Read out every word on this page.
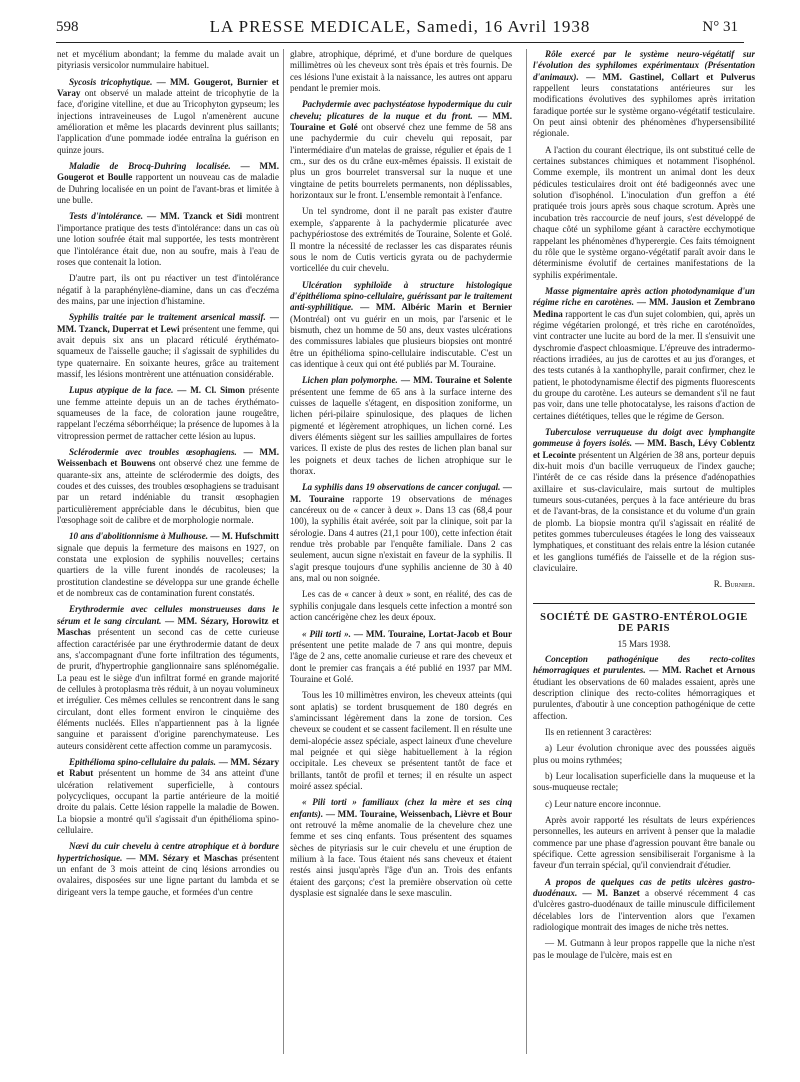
598	LA PRESSE MEDICALE, Samedi, 16 Avril 1938	N° 31

net et mycélium abondant; la femme du malade avait un pityriasis versicolor nummulaire habituel.

Sycosis tricophytique. — MM. Gougerot, Burnier et Varay ont observé un malade atteint de tricophytie de la face, d'origine vitelline, et due au Tricophyton gypseum; les injections intraveineuses de Lugol n'amenèrent aucune amélioration et même les placards devinrent plus saillants; l'application d'une pommade iodée entraîna la guérison en quinze jours.

Maladie de Brocq-Duhring localisée. — MM. Gougerot et Boulle rapportent un nouveau cas de maladie de Duhring localisée en un point de l'avant-bras et limitée à une bulle.

Tests d'intolérance. — MM. Tzanck et Sidi montrent l'importance pratique des tests d'intolérance: dans un cas où une lotion soufrée était mal supportée, les tests montrèrent que l'intolérance était due, non au soufre, mais à l'eau de roses que contenait la lotion.

D'autre part, ils ont pu réactiver un test d'intolérance négatif à la paraphénylène-diamine, dans un cas d'eczéma des mains, par une injection d'histamine.

Syphilis traitée par le traitement arsenical massif. — MM. Tzanck, Duperrat et Lewi présentent une femme, qui avait depuis six ans un placard réticulé érythémato-squameux de l'aisselle gauche; il s'agissait de syphilides du type quaternaire. En soixante heures, grâce au traitement massif, les lésions montrèrent une atténuation considérable.

Lupus atypique de la face. — M. Cl. Simon présente une femme atteinte depuis un an de taches érythémato-squameuses de la face, de coloration jaune rougeâtre, rappelant l'eczéma séborrhéique; la présence de lupomes à la vitropression permet de rattacher cette lésion au lupus.

Sclérodermie avec troubles œsophagiens. — MM. Weissenbach et Bouwens ont observé chez une femme de quarante-six ans, atteinte de sclérodermie des doigts, des coudes et des cuisses, des troubles œsophagiens se traduisant par un retard indéniable du transit œsophagien particulièrement appréciable dans le décubitus, bien que l'œsophage soit de calibre et de morphologie normale.

10 ans d'abolitionnisme à Mulhouse. — M. Hufschmitt signale que depuis la fermeture des maisons en 1927, on constata une explosion de syphilis nouvelles; certains quartiers de la ville furent inondés de racoleuses; la prostitution clandestine se développa sur une grande échelle et de nombreux cas de contamination furent constatés.

Erythrodermie avec cellules monstrueuses dans le sérum et le sang circulant. — MM. Sézary, Horowitz et Maschas présentent un second cas de cette curieuse affection caractérisée par une érythrodermie datant de deux ans, s'accompagnant d'une forte infiltration des téguments, de prurit, d'hypertrophie ganglionnaire sans splénomégalie. La peau est le siège d'un infiltrat formé en grande majorité de cellules à protoplasma très réduit, à un noyau volumineux et irrégulier. Ces mêmes cellules se rencontrent dans le sang circulant, dont elles forment environ le cinquième des éléments nucléés. Elles n'appartiennent pas à la lignée sanguine et paraissent d'origine parenchymateuse. Les auteurs considèrent cette affection comme un paramycosis.

Epithélioma spino-cellulaire du palais. — MM. Sézary et Rabut présentent un homme de 34 ans atteint d'une ulcération relativement superficielle, à contours polycycliques, occupant la partie antérieure de la moitié droite du palais. Cette lésion rappelle la maladie de Bowen. La biopsie a montré qu'il s'agissait d'un épithélioma spino-cellulaire.

Nævi du cuir chevelu à centre atrophique et à bordure hypertrichosique. — MM. Sézary et Maschas présentent un enfant de 3 mois atteint de cinq lésions arrondies ou ovalaires, disposées sur une ligne partant du lambda et se dirigeant vers la tempe gauche, et formées d'un centre

glabre, atrophique, déprimé, et d'une bordure de quelques millimètres où les cheveux sont très épais et très fournis. De ces lésions l'une existait à la naissance, les autres ont apparu pendant le premier mois.

Pachydermie avec pachystéatose hypodermique du cuir chevelu; plicatures de la nuque et du front. — MM. Touraine et Golé ont observé chez une femme de 58 ans une pachydermie du cuir chevelu qui reposait, par l'intermédiaire d'un matelas de graisse, régulier et épais de 1 cm., sur des os du crâne eux-mêmes épaissis. Il existait de plus un gros bourrelet transversal sur la nuque et une vingtaine de petits bourrelets permanents, non déplissables, horizontaux sur le front. L'ensemble remontait à l'enfance.

Un tel syndrome, dont il ne paraît pas exister d'autre exemple, s'apparente à la pachydermie plicaturée avec pachypériostose des extrémités de Touraine, Solente et Golé. Il montre la nécessité de reclasser les cas disparates réunis sous le nom de Cutis verticis gyrata ou de pachydermie vorticellée du cuir chevelu.

Ulcération syphiloïde à structure histologique d'épithélioma spino-cellulaire, guérissant par le traitement anti-syphilitique. — MM. Albéric Marin et Bernier (Montréal) ont vu guérir en un mois, par l'arsenic et le bismuth, chez un homme de 50 ans, deux vastes ulcérations des commissures labiales que plusieurs biopsies ont montré être un épithélioma spino-cellulaire indiscutable. C'est un cas identique à ceux qui ont été publiés par M. Touraine.

Lichen plan polymorphe. — MM. Touraine et Solente présentent une femme de 65 ans à la surface interne des cuisses de laquelle s'étagent, en disposition zoniforme, un lichen péri-pilaire spinulosique, des plaques de lichen pigmenté et légèrement atrophiques, un lichen corné. Les divers éléments siègent sur les saillies ampullaires de fortes varices. Il existe de plus des restes de lichen plan banal sur les poignets et deux taches de lichen atrophique sur le thorax.

La syphilis dans 19 observations de cancer conjugal. — M. Touraine rapporte 19 observations de ménages cancéreux ou de « cancer à deux ». Dans 13 cas (68,4 pour 100), la syphilis était avérée, soit par la clinique, soit par la sérologie. Dans 4 autres (21,1 pour 100), cette infection était rendue très probable par l'enquête familiale. Dans 2 cas seulement, aucun signe n'existait en faveur de la syphilis. Il s'agit presque toujours d'une syphilis ancienne de 30 à 40 ans, mal ou non soignée.

Les cas de « cancer à deux » sont, en réalité, des cas de syphilis conjugale dans lesquels cette infection a montré son action cancérigène chez les deux époux.

« Pili torti ». — MM. Touraine, Lortat-Jacob et Bour présentent une petite malade de 7 ans qui montre, depuis l'âge de 2 ans, cette anomalie curieuse et rare des cheveux et dont le premier cas français a été publié en 1937 par MM. Touraine et Golé.

Tous les 10 millimètres environ, les cheveux atteints (qui sont aplatis) se tordent brusquement de 180 degrés en s'amincissant légèrement dans la zone de torsion. Ces cheveux se coudent et se cassent facilement. Il en résulte une demi-alopécie assez spéciale, aspect laineux d'une chevelure mal peignée et qui siège habituellement à la région occipitale. Les cheveux se présentent tantôt de face et brillants, tantôt de profil et ternes; il en résulte un aspect moiré assez spécial.

« Pili torti » familiaux (chez la mère et ses cinq enfants). — MM. Touraine, Weissenbach, Lièvre et Bour ont retrouvé la même anomalie de la chevelure chez une femme et ses cinq enfants. Tous présentent des squames sèches de pityriasis sur le cuir chevelu et une éruption de milium à la face. Tous étaient nés sans cheveux et étaient restés ainsi jusqu'après l'âge d'un an. Trois des enfants étaient des garçons; c'est la première observation où cette dysplasie est signalée dans le sexe masculin.

Rôle exercé par le système neuro-végétatif sur l'évolution des syphilomes expérimentaux (Présentation d'animaux). — MM. Gastinel, Collart et Pulverus rappellent leurs constatations antérieures sur les modifications évolutives des syphilomes après irritation faradique portée sur le système organo-végétatif testiculaire. On peut ainsi obtenir des phénomènes d'hypersensibilité régionale.

A l'action du courant électrique, ils ont substitué celle de certaines substances chimiques et notamment l'isophénol. Comme exemple, ils montrent un animal dont les deux pédicules testiculaires droit ont été badigeonnés avec une solution d'isophénol. L'inoculation d'un greffon a été pratiquée trois jours après sous chaque scrotum. Après une incubation très raccourcie de neuf jours, s'est développé de chaque côté un syphilome géant à caractère ecchymotique rappelant les phénomènes d'hyperergie. Ces faits témoignent du rôle que le système organo-végétatif paraît avoir dans le déterminisme évolutif de certaines manifestations de la syphilis expérimentale.

Masse pigmentaire après action photodynamique d'un régime riche en carotènes. — MM. Jausion et Zembrano Medina rapportent le cas d'un sujet colombien, qui, après un régime végétarien prolongé, et très riche en caroténoïdes, vint contracter une lucite au bord de la mer. Il s'ensuivit une dyschromie d'aspect chloasmique. L'épreuve des intradermo-réactions irradiées, au jus de carottes et au jus d'oranges, et des tests cutanés à la xanthophylle, parait confirmer, chez le patient, le photodynamisme électif des pigments fluorescents du groupe du carotène. Les auteurs se demandent s'il ne faut pas voir, dans une telle photocatalyse, les raisons d'action de certaines diététiques, telles que le régime de Gerson.

Tuberculose verruqueuse du doigt avec lymphangite gommeuse à foyers isolés. — MM. Basch, Lévy Coblentz et Lecointe présentent un Algérien de 38 ans, porteur depuis dix-huit mois d'un bacille verruqueux de l'index gauche; l'intérêt de ce cas réside dans la présence d'adénopathies axillaire et sus-claviculaire, mais surtout de multiples tumeurs sous-cutanées, perçues à la face antérieure du bras et de l'avant-bras, de la consistance et du volume d'un grain de plomb. La biopsie montra qu'il s'agissait en réalité de petites gommes tuberculeuses étagées le long des vaisseaux lymphatiques, et constituant des relais entre la lésion cutanée et les ganglions tuméfiés de l'aisselle et de la région sus-claviculaire.

R. Burnier.

SOCIÉTÉ DE GASTRO-ENTÉROLOGIE DE PARIS

15 Mars 1938.

Conception pathogénique des recto-colites hémorragiques et purulentes. — MM. Rachet et Arnous étudiant les observations de 60 malades essaient, après une description clinique des recto-colites hémorragiques et purulentes, d'aboutir à une conception pathogénique de cette affection.

Ils en retiennent 3 caractères:

a) Leur évolution chronique avec des poussées aiguës plus ou moins rythmées;

b) Leur localisation superficielle dans la muqueuse et la sous-muqueuse rectale;

c) Leur nature encore inconnue.

Après avoir rapporté les résultats de leurs expériences personnelles, les auteurs en arrivent à penser que la maladie commence par une phase d'agression pouvant être banale ou spécifique. Cette agression sensibiliserait l'organisme à la faveur d'un terrain spécial, qu'il conviendrait d'étudier.

A propos de quelques cas de petits ulcères gastro-duodénaux. — M. Banzet a observé récemment 4 cas d'ulcères gastro-duodénaux de taille minuscule difficilement décelables lors de l'intervention alors que l'examen radiologique montrait des images de niche très nettes.

— M. Gutmann à leur propos rappelle que la niche n'est pas le moulage de l'ulcère, mais est en
